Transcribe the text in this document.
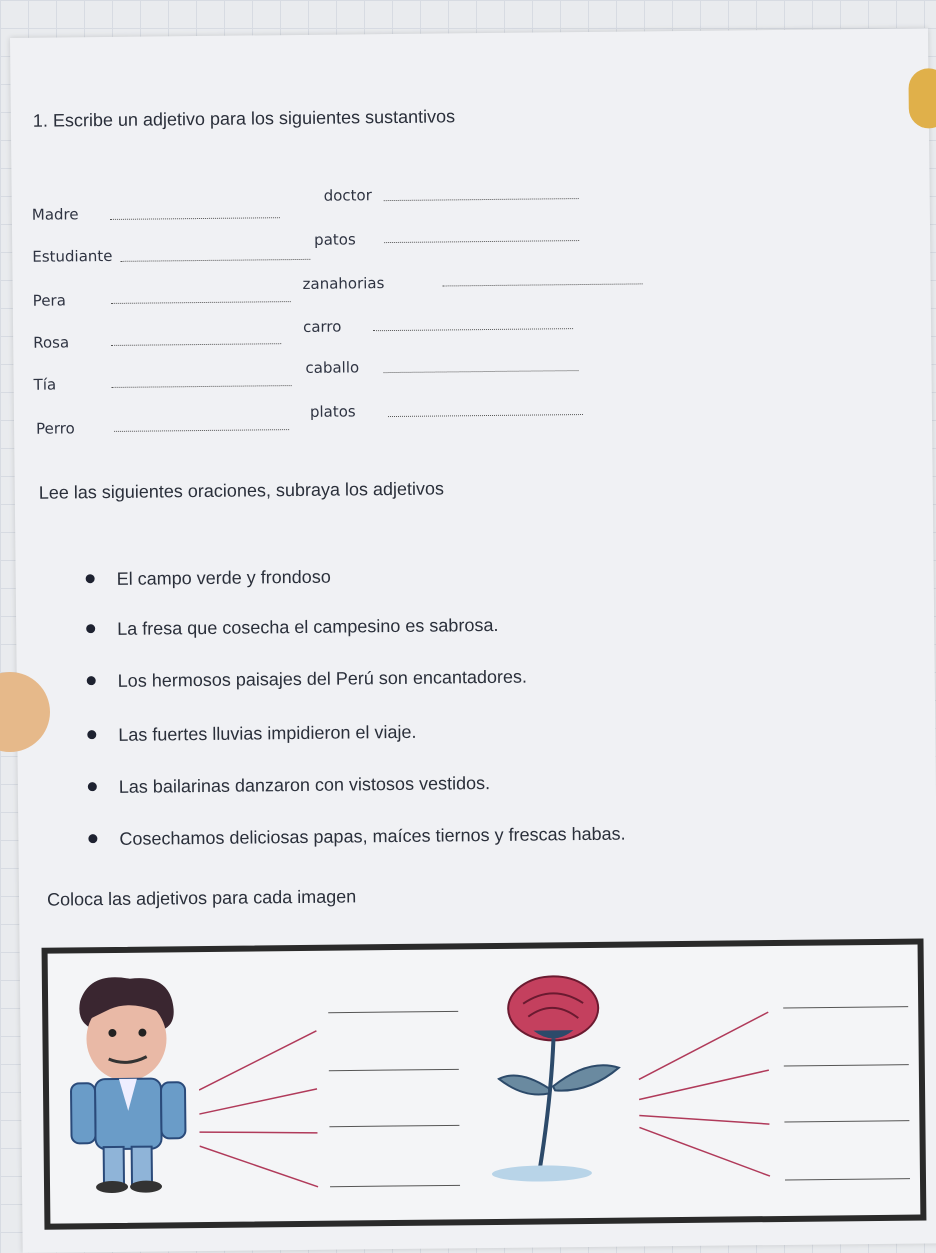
1. Escribe un adjetivo para los siguientes sustantivos
Madre
doctor
Estudiante
patos
Pera
zanahorias
Rosa
carro
Tía
caballo
Perro
platos
Lee las siguientes oraciones, subraya los adjetivos
El campo verde y frondoso
La fresa que cosecha el campesino es sabrosa.
Los hermosos paisajes del Perú son encantadores.
Las fuertes lluvias impidieron el viaje.
Las bailarinas danzaron con vistosos vestidos.
Cosechamos deliciosas papas, maíces tiernos y frescas habas.
Coloca las adjetivos para cada imagen
